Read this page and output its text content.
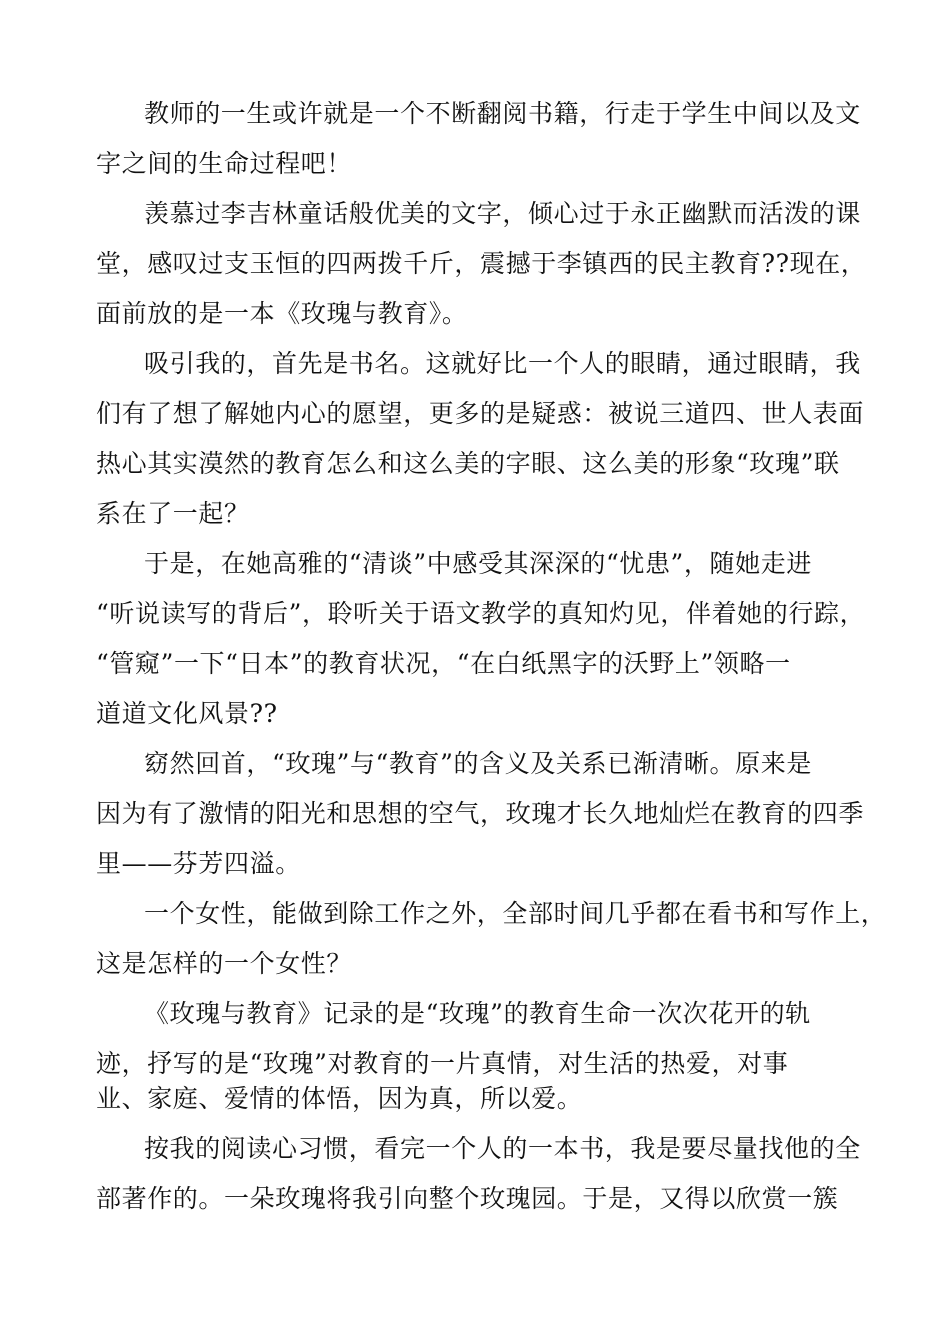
教师的一生或许就是一个不断翻阅书籍，行走于学生中间以及文
字之间的生命过程吧！
羡慕过李吉林童话般优美的文字，倾心过于永正幽默而活泼的课
堂，感叹过支玉恒的四两拨千斤，震撼于李镇西的民主教育??现在，
面前放的是一本《玫瑰与教育》。
吸引我的，首先是书名。这就好比一个人的眼睛，通过眼睛，我
们有了想了解她内心的愿望，更多的是疑惑：被说三道四、世人表面
热心其实漠然的教育怎么和这么美的字眼、这么美的形象“玫瑰”联
系在了一起？
于是，在她高雅的“清谈”中感受其深深的“忧患”，随她走进
“听说读写的背后”，聆听关于语文教学的真知灼见，伴着她的行踪，
“管窥”一下“日本”的教育状况，“在白纸黑字的沃野上”领略一
道道文化风景??
窈然回首，“玫瑰”与“教育”的含义及关系已渐清晰。原来是
因为有了激情的阳光和思想的空气，玫瑰才长久地灿烂在教育的四季
里——芬芳四溢。
一个女性，能做到除工作之外，全部时间几乎都在看书和写作上，
这是怎样的一个女性？
《玫瑰与教育》记录的是“玫瑰”的教育生命一次次花开的轨
迹，抒写的是“玫瑰”对教育的一片真情，对生活的热爱，对事
业、家庭、爱情的体悟，因为真，所以爱。
按我的阅读心习惯，看完一个人的一本书，我是要尽量找他的全
部著作的。一朵玫瑰将我引向整个玫瑰园。于是，又得以欣赏一簇
